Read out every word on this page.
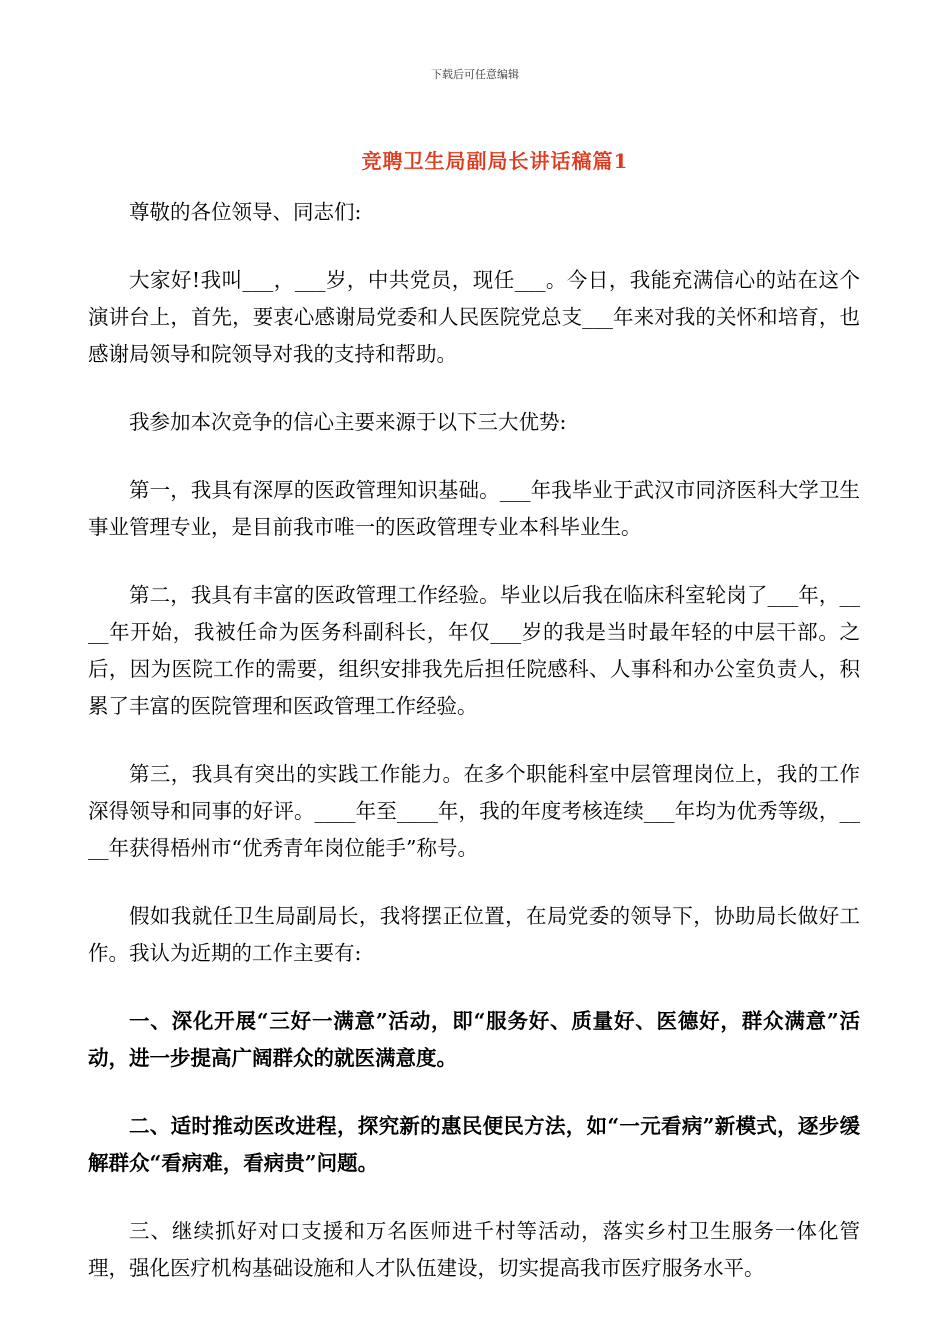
下载后可任意编辑
竞聘卫生局副局长讲话稿篇1

尊敬的各位领导、同志们:

大家好!我叫___，___岁，中共党员，现任___。今日，我能充满信心的站在这个演讲台上，首先，要衷心感谢局党委和人民医院党总支___年来对我的关怀和培育，也感谢局领导和院领导对我的支持和帮助。

我参加本次竞争的信心主要来源于以下三大优势:

第一，我具有深厚的医政管理知识基础。___年我毕业于武汉市同济医科大学卫生事业管理专业，是目前我市唯一的医政管理专业本科毕业生。

第二，我具有丰富的医政管理工作经验。毕业以后我在临床科室轮岗了___年，____年开始，我被任命为医务科副科长，年仅___岁的我是当时最年轻的中层干部。之后，因为医院工作的需要，组织安排我先后担任院感科、人事科和办公室负责人，积累了丰富的医院管理和医政管理工作经验。

第三，我具有突出的实践工作能力。在多个职能科室中层管理岗位上，我的工作深得领导和同事的好评。____年至____年，我的年度考核连续___年均为优秀等级，____年获得梧州市“优秀青年岗位能手”称号。

假如我就任卫生局副局长，我将摆正位置，在局党委的领导下，协助局长做好工作。我认为近期的工作主要有:

一、深化开展“三好一满意”活动，即“服务好、质量好、医德好，群众满意”活动，进一步提高广阔群众的就医满意度。

二、适时推动医改进程，探究新的惠民便民方法，如“一元看病”新模式，逐步缓解群众“看病难，看病贵”问题。

三、继续抓好对口支援和万名医师进千村等活动，落实乡村卫生服务一体化管理，强化医疗机构基础设施和人才队伍建设，切实提高我市医疗服务水平。
